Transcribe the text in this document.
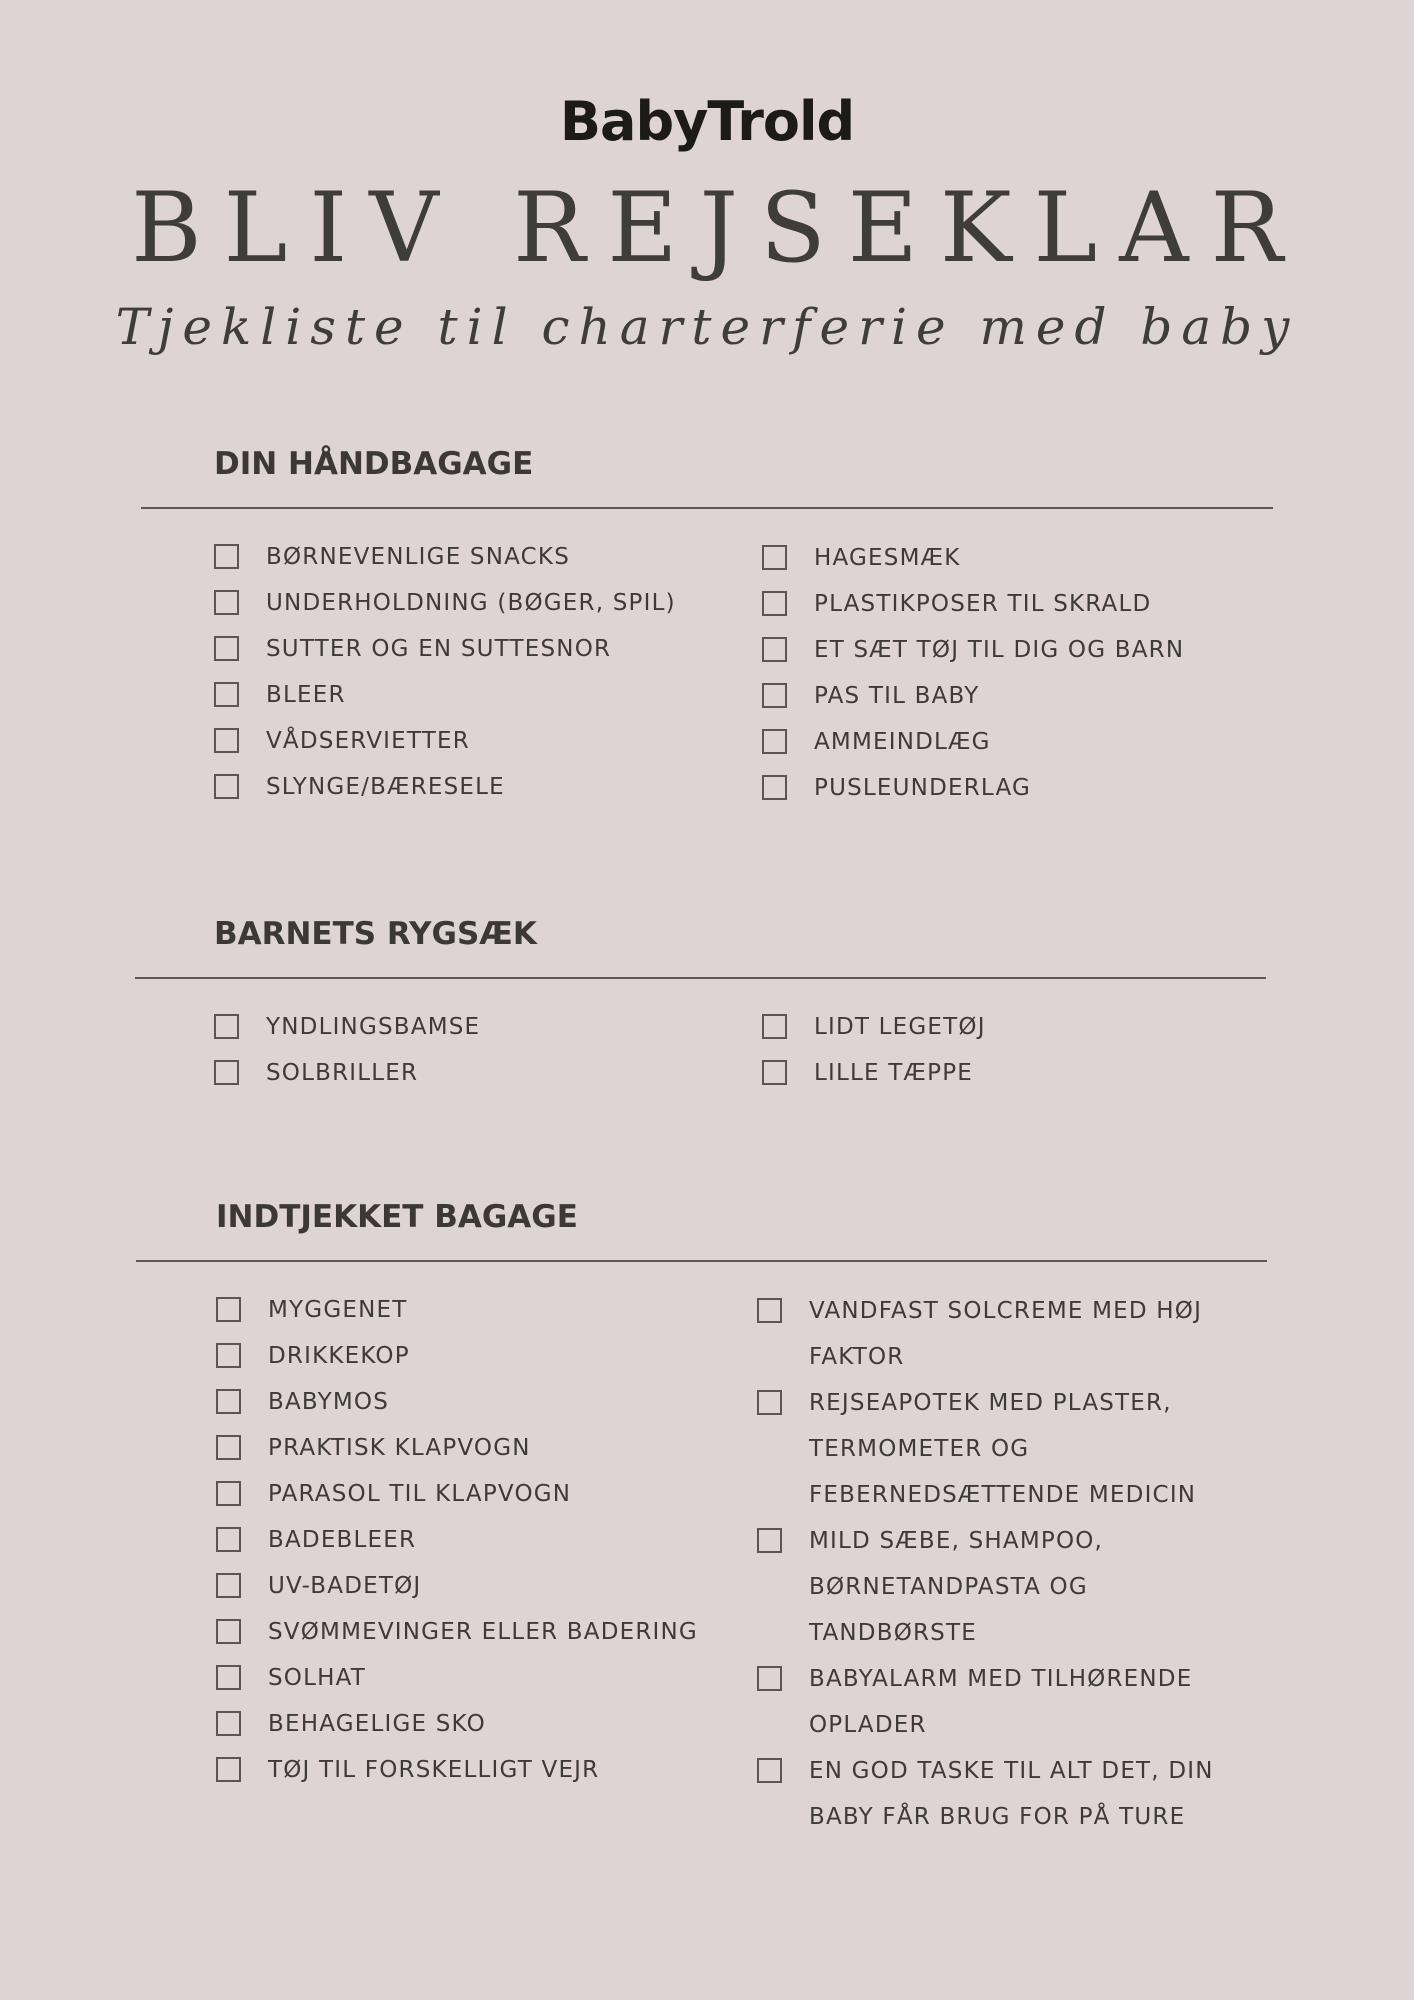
BabyTrold
BLIV REJSEKLAR
Tjekliste til charterferie med baby
DIN HÅNDBAGAGE
BØRNEVENLIGE SNACKS
UNDERHOLDNING (BØGER, SPIL)
SUTTER OG EN SUTTESNOR
BLEER
VÅDSERVIETTER
SLYNGE/BÆRESELE
HAGESMÆK
PLASTIKPOSER TIL SKRALD
ET SÆT TØJ TIL DIG OG BARN
PAS TIL BABY
AMMEINDLÆG
PUSLEUNDERLAG
BARNETS RYGSÆK
YNDLINGSBAMSE
SOLBRILLER
LIDT LEGETØJ
LILLE TÆPPE
INDTJEKKET BAGAGE
MYGGENET
DRIKKEKOP
BABYMOS
PRAKTISK KLAPVOGN
PARASOL TIL KLAPVOGN
BADEBLEER
UV-BADETØJ
SVØMMEVINGER ELLER BADERING
SOLHAT
BEHAGELIGE SKO
TØJ TIL FORSKELLIGT VEJR
VANDFAST SOLCREME MED HØJ FAKTOR
REJSEAPOTEK MED PLASTER, TERMOMETER OG FEBERNEDSÆTTENDE MEDICIN
MILD SÆBE, SHAMPOO, BØRNETANDPASTA OG TANDBØRSTE
BABYALARM MED TILHØRENDE OPLADER
EN GOD TASKE TIL ALT DET, DIN BABY FÅR BRUG FOR PÅ TURE
